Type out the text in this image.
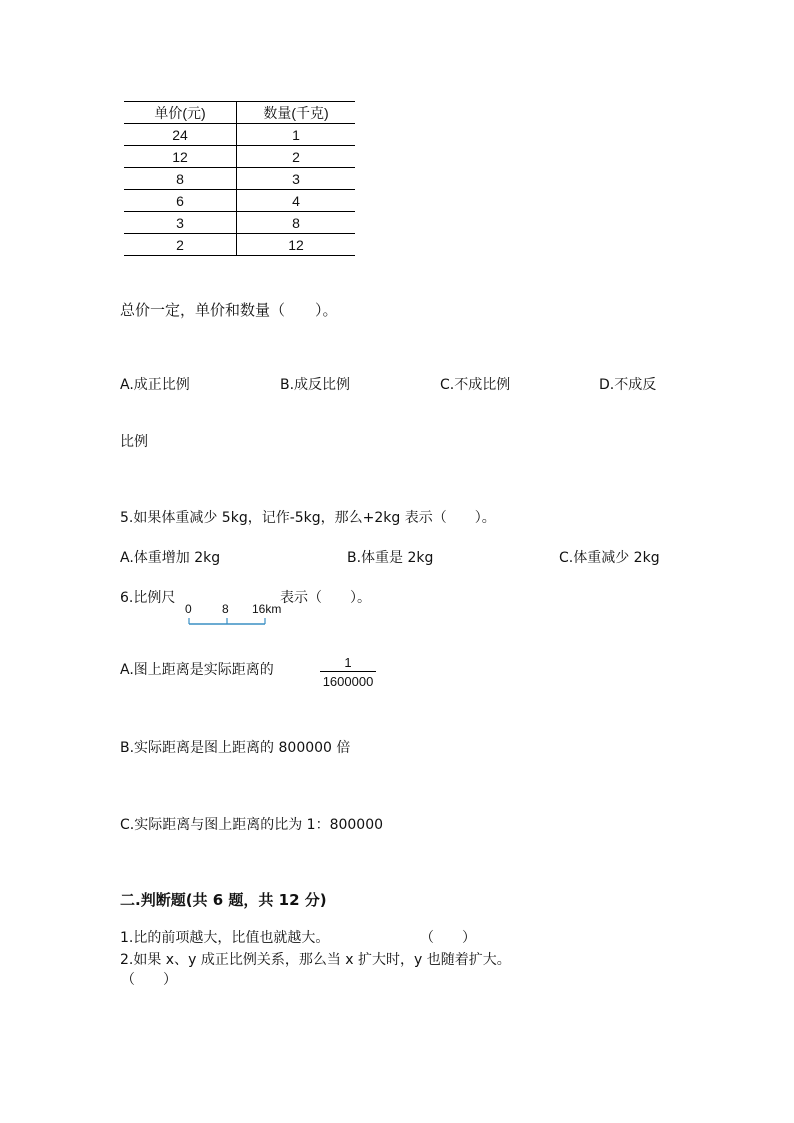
单价(元)	数量(千克)
24	1
12	2
8	3
6	4
3	8
2	12
总价一定，单价和数量（　　）。
A.成正比例	B.成反比例	C.不成比例	D.不成反
比例
5.如果体重减少 5kg，记作-5kg，那么+2kg 表示（　　）。
A.体重增加 2kg	B.体重是 2kg	C.体重减少 2kg
6.比例尺
0	8 16km
表示（　　）。
A.图上距离是实际距离的	1
1600000
B.实际距离是图上距离的 800000 倍
C.实际距离与图上距离的比为 1：800000
二.判断题(共 6 题，共 12 分)
1.比的前项越大，比值也就越大。	（　　）
2.如果 x、y 成正比例关系，那么当 x 扩大时，y 也随着扩大。
（　　）
